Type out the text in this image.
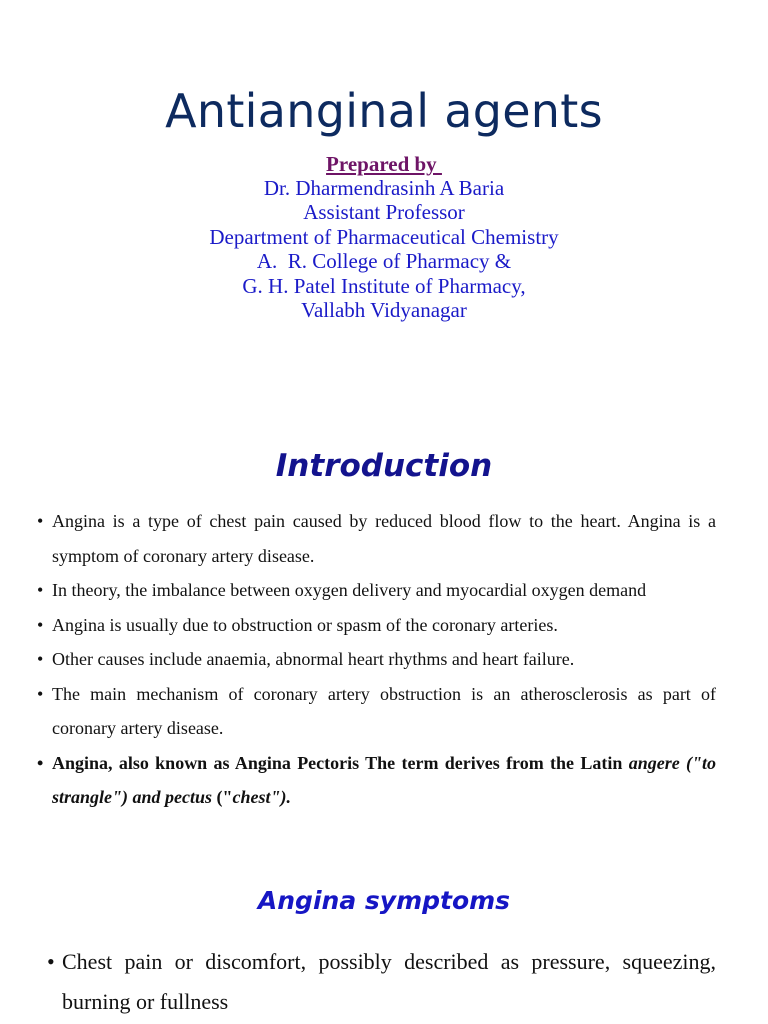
Antianginal agents
Prepared by
Dr. Dharmendrasinh A Baria
Assistant Professor
Department of Pharmaceutical Chemistry
A.  R. College of Pharmacy &
G. H. Patel Institute of Pharmacy,
Vallabh Vidyanagar
Introduction
• Angina is a type of chest pain caused by reduced blood flow to the heart. Angina is a symptom of coronary artery disease.
• In theory, the imbalance between oxygen delivery and myocardial oxygen demand
• Angina is usually due to obstruction or spasm of the coronary arteries.
• Other causes include anaemia, abnormal heart rhythms and heart failure.
• The main mechanism of coronary artery obstruction is an atherosclerosis as part of coronary artery disease.
• Angina, also known as Angina Pectoris The term derives from the Latin angere ("to strangle") and pectus ("chest").
Angina symptoms
• Chest pain or discomfort, possibly described as pressure, squeezing, burning or fullness
